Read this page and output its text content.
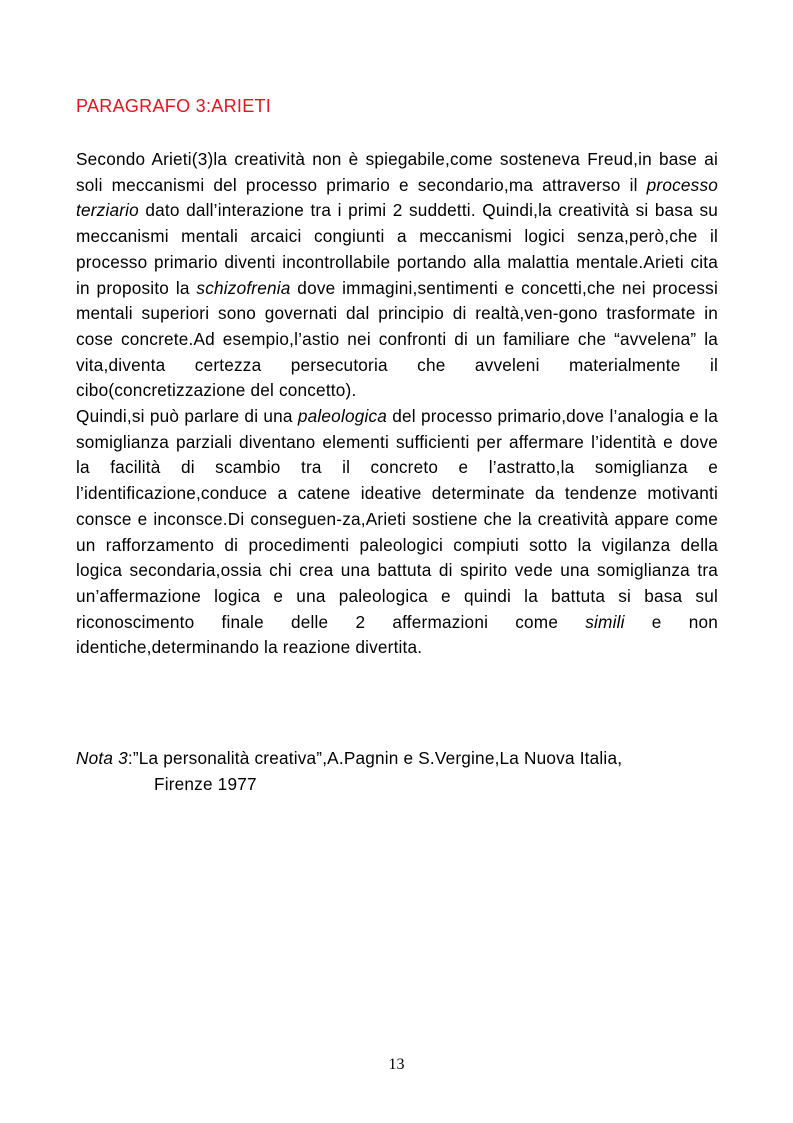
PARAGRAFO 3:ARIETI

Secondo Arieti(3)la creatività non è spiegabile,come sosteneva Freud,in base ai soli meccanismi del processo primario e secondario,ma attraverso il processo terziario dato dall’interazione tra i primi 2 suddetti. Quindi,la creatività si basa su meccanismi mentali arcaici congiunti a meccanismi logici senza,però,che il processo primario diventi incontrollabile portando alla malattia mentale.Arieti cita in proposito la schizofrenia dove immagini,sentimenti e concetti,che nei processi mentali superiori sono governati dal principio di realtà,ven-gono trasformate in cose concrete.Ad esempio,l’astio nei confronti di un familiare che “avvelena” la vita,diventa certezza persecutoria che avveleni materialmente il cibo(concretizzazione del concetto).

Quindi,si può parlare di una paleologica del processo primario,dove l’analogia e la somiglianza parziali diventano elementi sufficienti per affermare l’identità e dove la facilità di scambio tra il concreto e l’astratto,la somiglianza e l’identificazione,conduce a catene ideative determinate da tendenze motivanti consce e inconsce.Di conseguen-za,Arieti sostiene che la creatività appare come un rafforzamento di procedimenti paleologici compiuti sotto la vigilanza della logica secondaria,ossia chi crea una battuta di spirito vede una somiglianza tra un’affermazione logica e una paleologica e quindi la battuta si basa sul riconoscimento finale delle 2 affermazioni come simili e non identiche,determinando la reazione divertita.

Nota 3:”La personalità creativa”,A.Pagnin e S.Vergine,La Nuova Italia,
Firenze 1977
13
